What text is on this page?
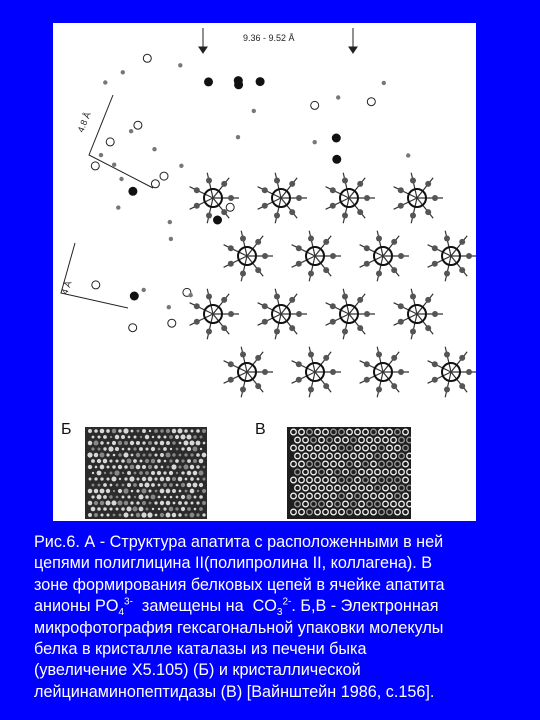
9.36 - 9.52 Å
4.8 Å
4 Å
Б	В
Рис.6. А - Структура апатита с расположенными в ней
цепями полиглицина II(полипролина II, коллагена). В
зоне формирования белковых цепей в ячейке апатита
анионы $PO_4^{3-}$  замещены на  $CO_3^{2-}$. Б,В - Электронная
микрофотография гексагональной упаковки молекулы
белка в кристалле каталазы из печени быка
(увеличение X5.105) (Б) и кристаллической
лейцинаминопептидазы (В) [Вайнштейн 1986, с.156].
